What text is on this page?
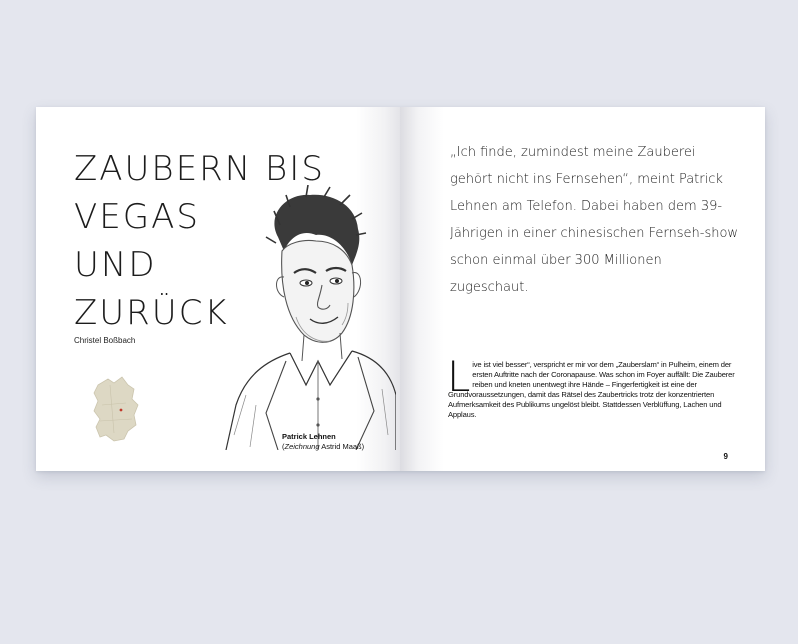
ZAUBERN BIS
VEGAS
UND
ZURÜCK
Christel Boßbach
Patrick Lehnen
(Zeichnung Astrid Maaß)
„Ich finde, zumindest meine Zauberei gehört nicht ins Fernsehen“, meint Patrick Lehnen am Telefon. Dabei haben dem 39-Jährigen in einer chinesischen Fernseh-show schon einmal über 300 Millionen zugeschaut.
Live ist viel besser“, verspricht er mir vor dem „Zauberslam“ in Pulheim, einem der ersten Auftritte nach der Coronapause. Was schon im Foyer auffällt: Die Zauberer reiben und kneten unentwegt ihre Hände – Fingerfertigkeit ist eine der Grundvoraussetzungen, damit das Rätsel des Zaubertricks trotz der konzentrierten Aufmerksamkeit des Publikums ungelöst bleibt. Stattdessen Verblüffung, Lachen und Applaus.
9
